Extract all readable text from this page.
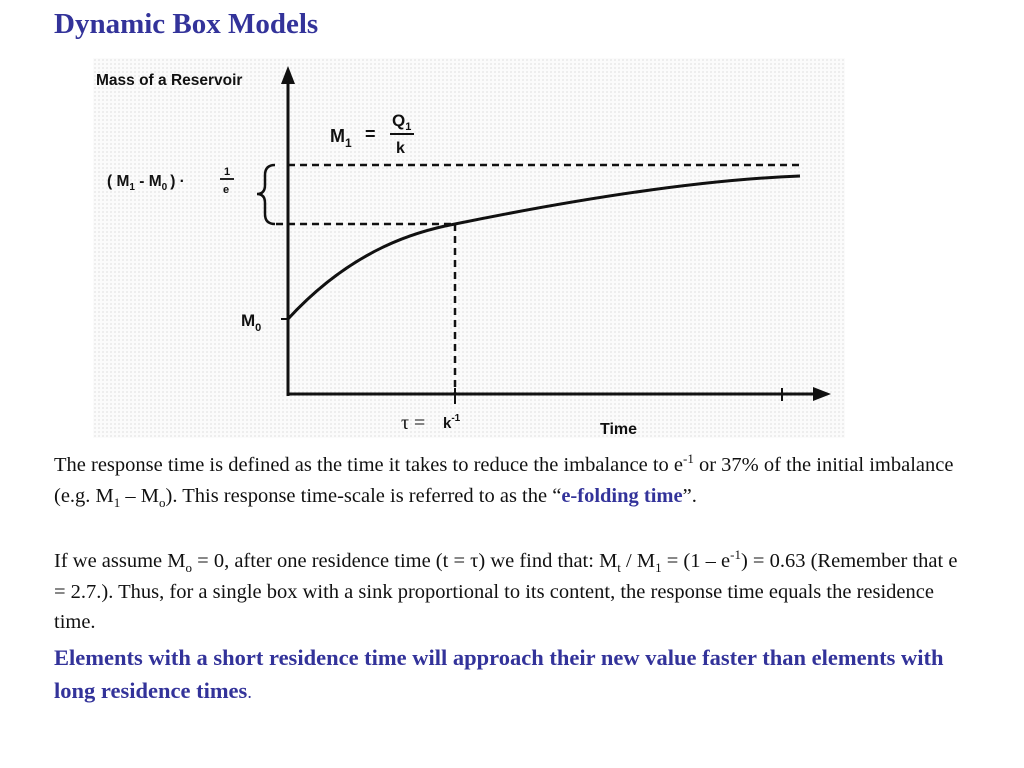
Dynamic Box Models
Mass of a Reservoir
$M_1$ =
$Q_1$
k
( $M_1 - M_0$ ) ·
1
e
$M_0$
$\tau = k^{-1}$
Time
The response time is defined as the time it takes to reduce the imbalance to $e^{-1}$ or 37% of the initial imbalance (e.g. $M_1 - M_o$). This response time-scale is referred to as the “e-folding time”.
If we assume $M_o = 0$, after one residence time (t = τ) we find that: $M_t / M_1 = (1 - e^{-1}) = 0.63$ (Remember that e = 2.7.). Thus, for a single box with a sink proportional to its content, the response time equals the residence time.
Elements with a short residence time will approach their new value faster than elements with long residence times.
